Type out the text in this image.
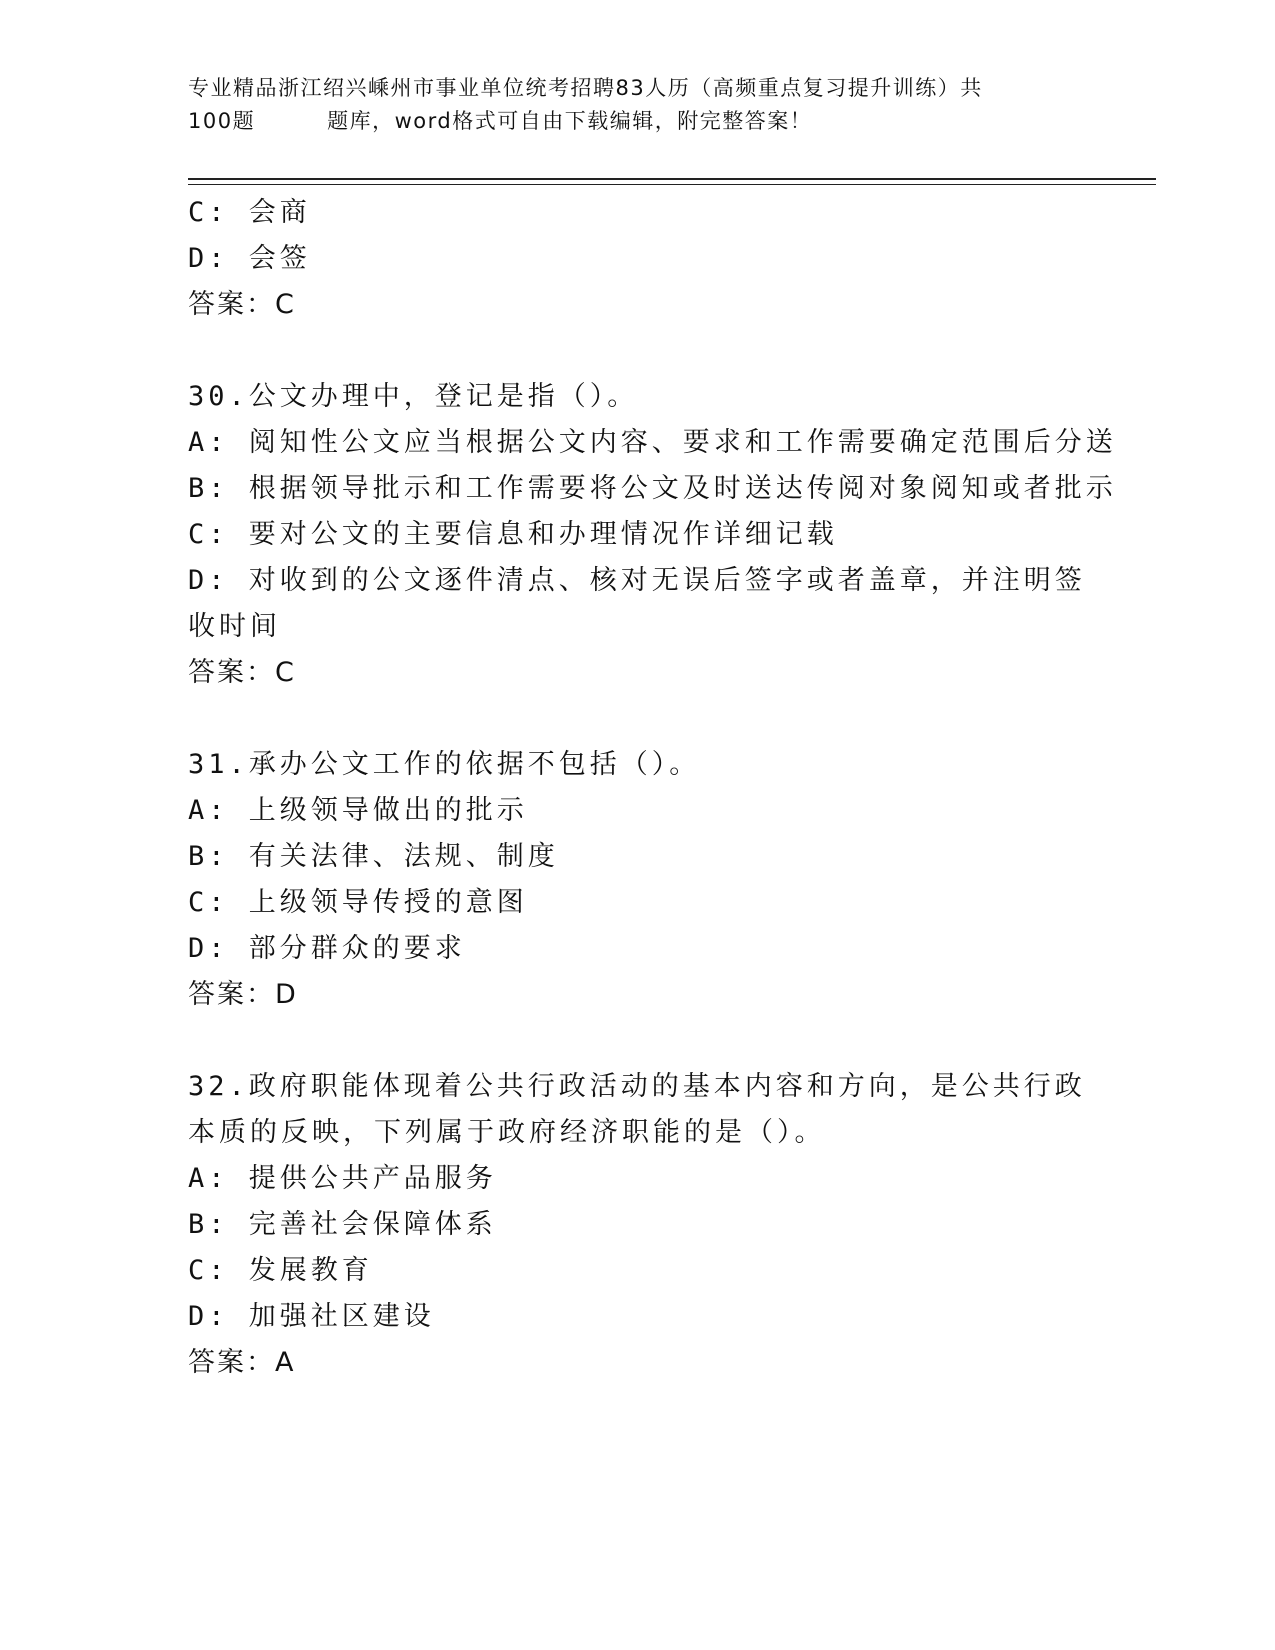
专业精品浙江绍兴嵊州市事业单位统考招聘83人历（高频重点复习提升训练）共
100题	题库，word格式可自由下载编辑，附完整答案！
C: 会商
D: 会签
答案：C
30.公文办理中，登记是指（）。
A: 阅知性公文应当根据公文内容、要求和工作需要确定范围后分送
B: 根据领导批示和工作需要将公文及时送达传阅对象阅知或者批示
C: 要对公文的主要信息和办理情况作详细记载
D: 对收到的公文逐件清点、核对无误后签字或者盖章，并注明签收时间
答案：C
31.承办公文工作的依据不包括（）。
A: 上级领导做出的批示
B: 有关法律、法规、制度
C: 上级领导传授的意图
D: 部分群众的要求
答案：D
32.政府职能体现着公共行政活动的基本内容和方向，是公共行政本质的反映，下列属于政府经济职能的是（）。
A: 提供公共产品服务
B: 完善社会保障体系
C: 发展教育
D: 加强社区建设
答案：A
